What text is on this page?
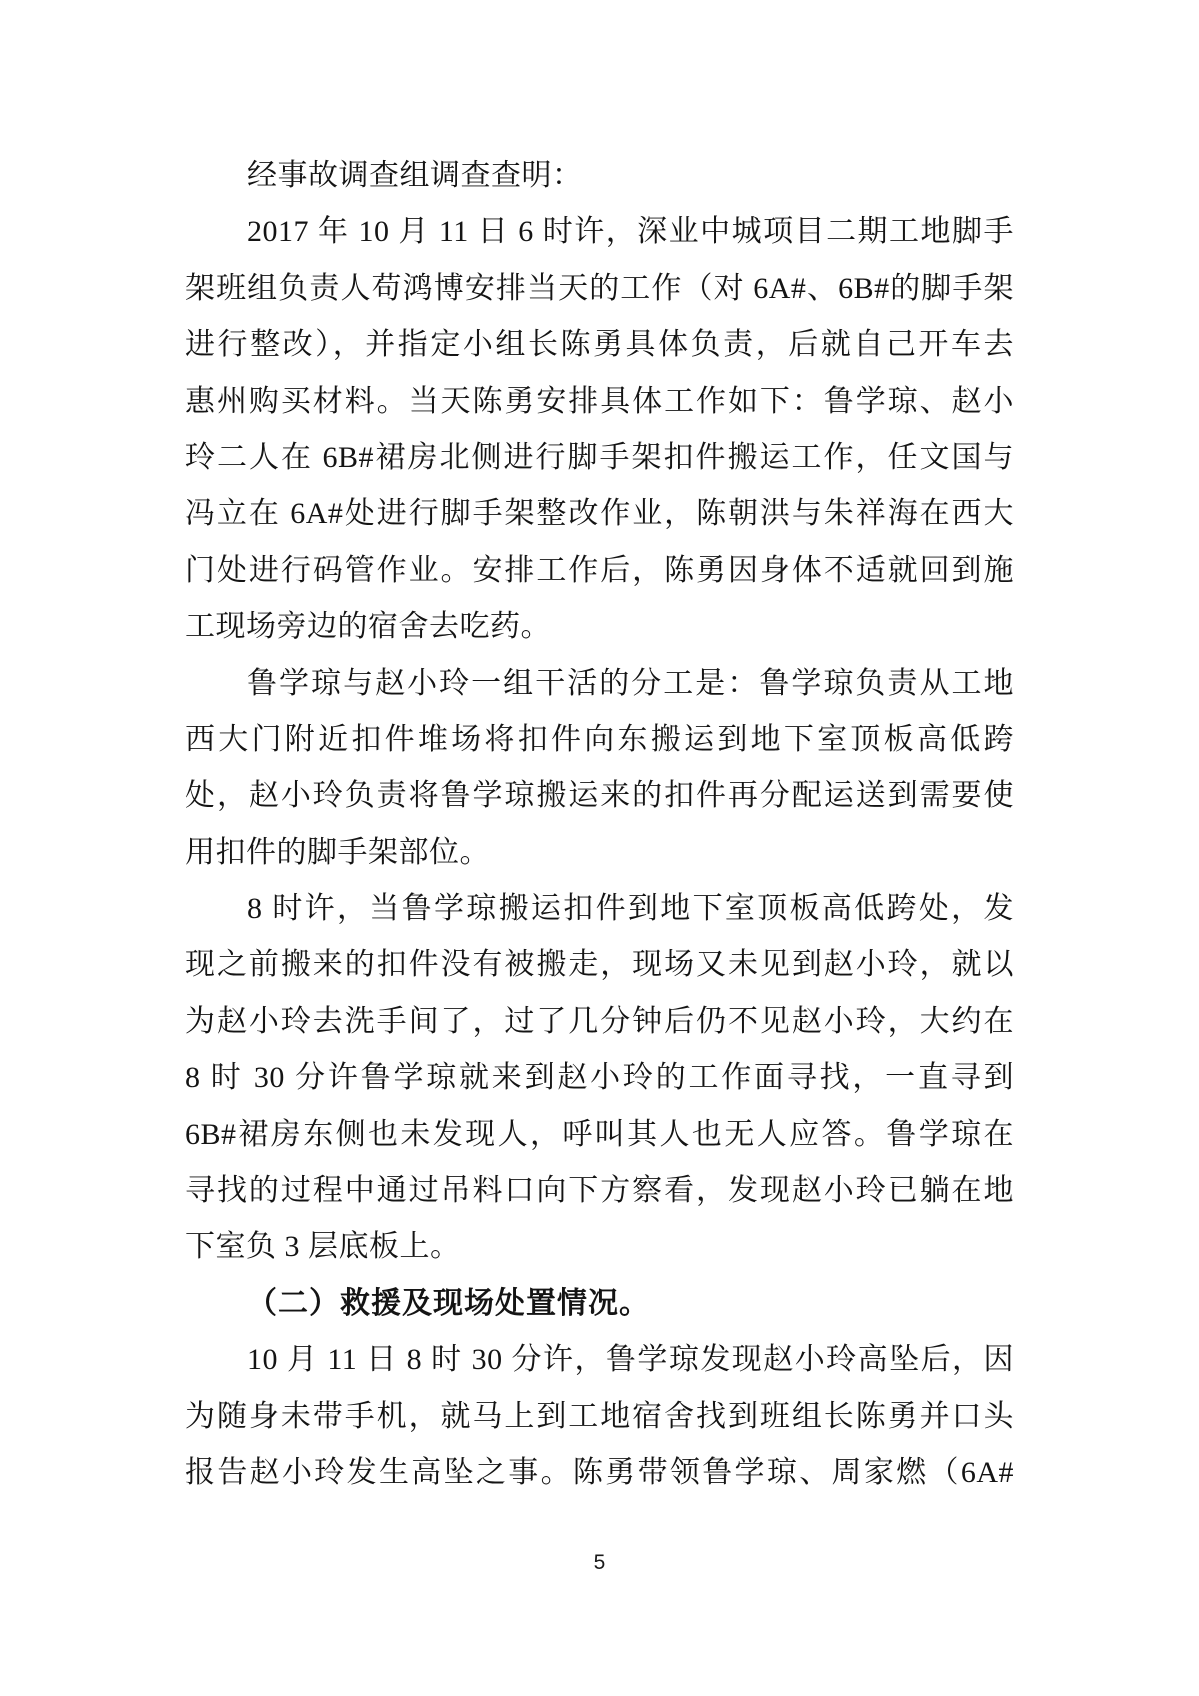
经事故调查组调查查明：
2017 年 10 月 11 日 6 时许，深业中城项目二期工地脚手
架班组负责人苟鸿博安排当天的工作（对 6A#、6B#的脚手架
进行整改），并指定小组长陈勇具体负责，后就自己开车去
惠州购买材料。当天陈勇安排具体工作如下：鲁学琼、赵小
玲二人在 6B#裙房北侧进行脚手架扣件搬运工作，任文国与
冯立在 6A#处进行脚手架整改作业，陈朝洪与朱祥海在西大
门处进行码管作业。安排工作后，陈勇因身体不适就回到施
工现场旁边的宿舍去吃药。
鲁学琼与赵小玲一组干活的分工是：鲁学琼负责从工地
西大门附近扣件堆场将扣件向东搬运到地下室顶板高低跨
处，赵小玲负责将鲁学琼搬运来的扣件再分配运送到需要使
用扣件的脚手架部位。
8 时许，当鲁学琼搬运扣件到地下室顶板高低跨处，发
现之前搬来的扣件没有被搬走，现场又未见到赵小玲，就以
为赵小玲去洗手间了，过了几分钟后仍不见赵小玲，大约在
8 时 30 分许鲁学琼就来到赵小玲的工作面寻找，一直寻到
6B#裙房东侧也未发现人，呼叫其人也无人应答。鲁学琼在
寻找的过程中通过吊料口向下方察看，发现赵小玲已躺在地
下室负 3 层底板上。
（二）救援及现场处置情况。
10 月 11 日 8 时 30 分许，鲁学琼发现赵小玲高坠后，因
为随身未带手机，就马上到工地宿舍找到班组长陈勇并口头
报告赵小玲发生高坠之事。陈勇带领鲁学琼、周家燃（6A#
5
